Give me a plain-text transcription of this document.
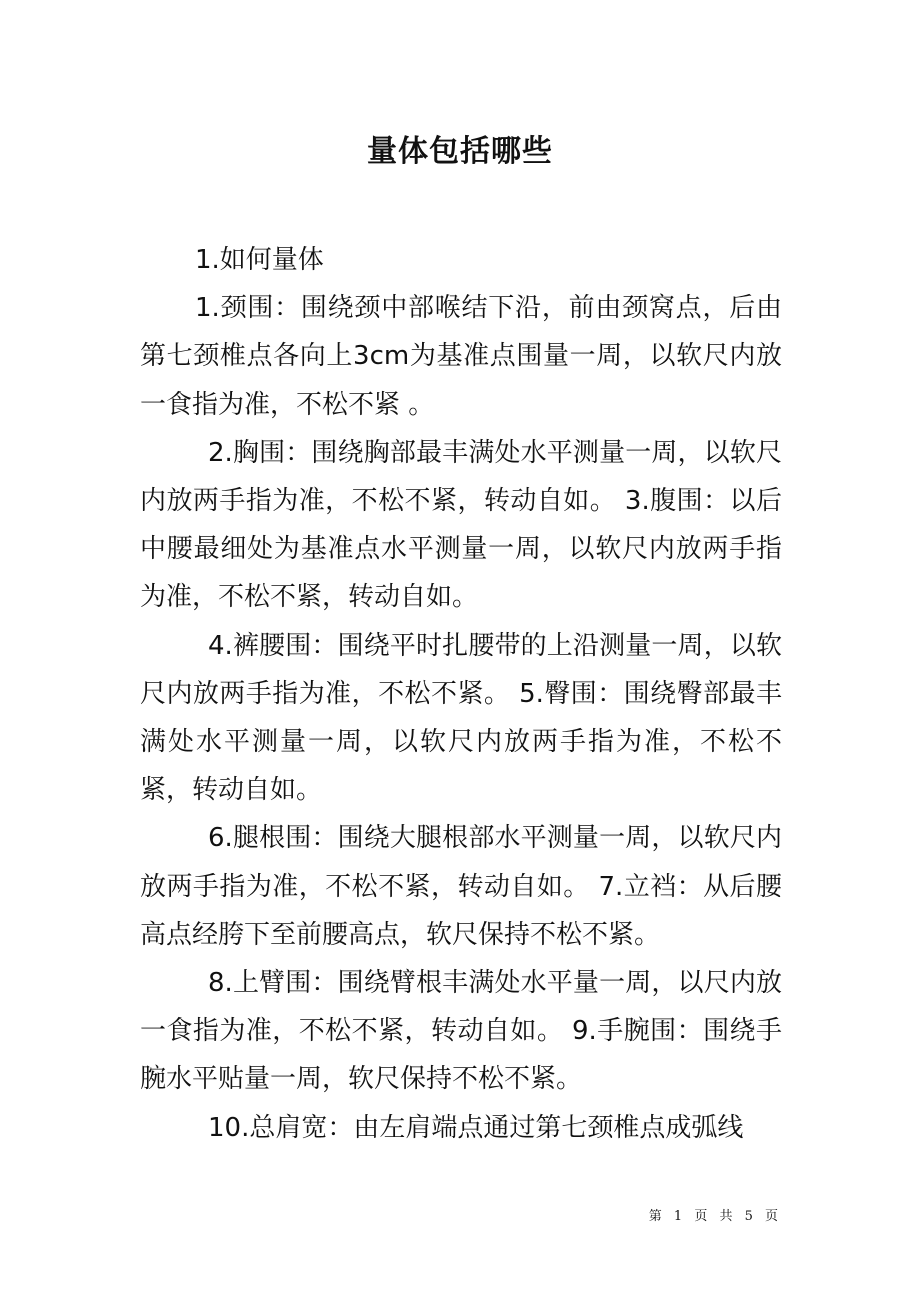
量体包括哪些

1.如何量体

1.颈围：围绕颈中部喉结下沿，前由颈窝点，后由第七颈椎点各向上3cm为基准点围量一周，以软尺内放一食指为准，不松不紧 。

2.胸围：围绕胸部最丰满处水平测量一周，以软尺内放两手指为准，不松不紧，转动自如。 3.腹围：以后中腰最细处为基准点水平测量一周，以软尺内放两手指为准，不松不紧，转动自如。

4.裤腰围：围绕平时扎腰带的上沿测量一周，以软尺内放两手指为准，不松不紧。 5.臀围：围绕臀部最丰满处水平测量一周，以软尺内放两手指为准，不松不紧，转动自如。

6.腿根围：围绕大腿根部水平测量一周，以软尺内放两手指为准，不松不紧，转动自如。 7.立裆：从后腰高点经胯下至前腰高点，软尺保持不松不紧。

8.上臂围：围绕臂根丰满处水平量一周，以尺内放一食指为准，不松不紧，转动自如。 9.手腕围：围绕手腕水平贴量一周，软尺保持不松不紧。

10.总肩宽：由左肩端点通过第七颈椎点成弧线

第 1 页 共 5 页
